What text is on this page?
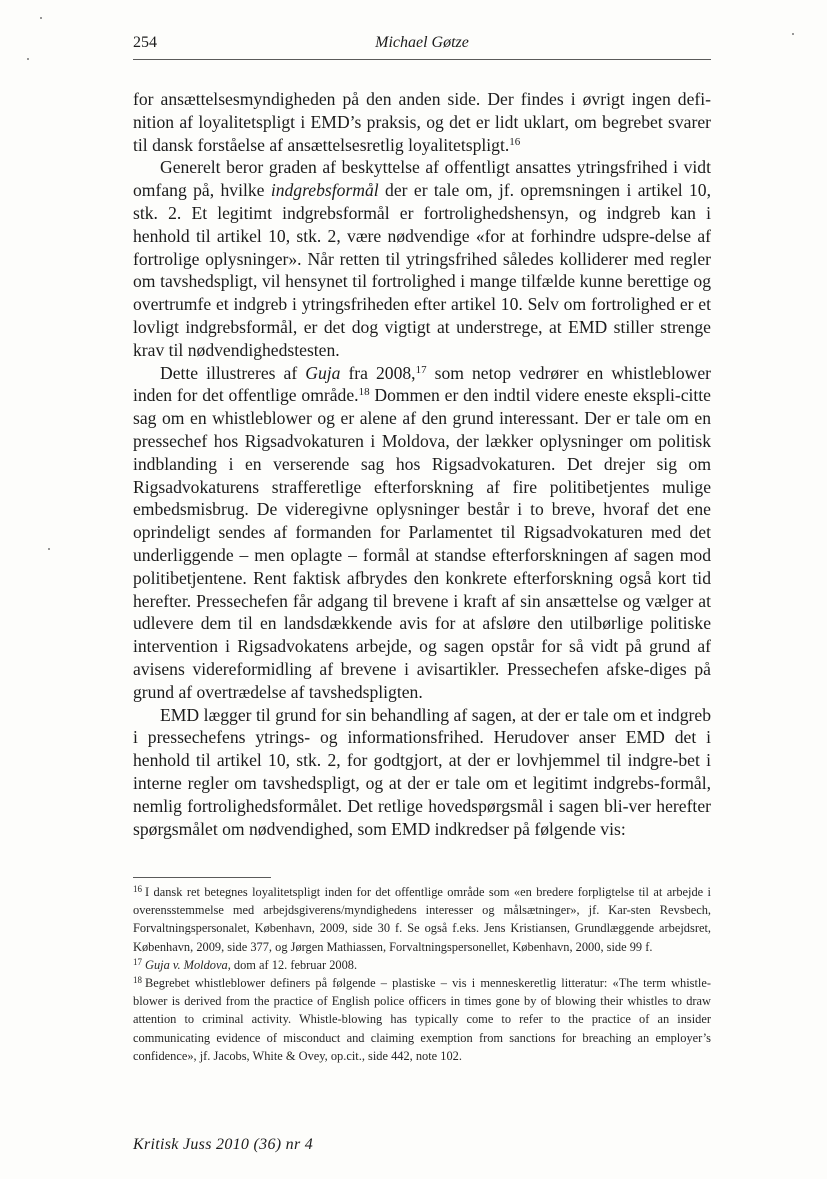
254	Michael Gøtze

for ansættelsesmyndigheden på den anden side. Der findes i øvrigt ingen defi-nition af loyalitetspligt i EMD’s praksis, og det er lidt uklart, om begrebet svarer til dansk forståelse af ansættelsesretlig loyalitetspligt.$^{16}$

Generelt beror graden af beskyttelse af offentligt ansattes ytringsfrihed i vidt omfang på, hvilke indgrebsformål der er tale om, jf. opremsningen i artikel 10, stk. 2. Et legitimt indgrebsformål er fortrolighedshensyn, og indgreb kan i henhold til artikel 10, stk. 2, være nødvendige «for at forhindre udspre-delse af fortrolige oplysninger». Når retten til ytringsfrihed således kolliderer med regler om tavshedspligt, vil hensynet til fortrolighed i mange tilfælde kunne berettige og overtrumfe et indgreb i ytringsfriheden efter artikel 10. Selv om fortrolighed er et lovligt indgrebsformål, er det dog vigtigt at understrege, at EMD stiller strenge krav til nødvendighedstesten.

Dette illustreres af Guja fra 2008,17 som netop vedrører en whistleblower inden for det offentlige område.$^{18}$ Dommen er den indtil videre eneste ekspli-citte sag om en whistleblower og er alene af den grund interessant. Der er tale om en pressechef hos Rigsadvokaturen i Moldova, der lækker oplysninger om politisk indblanding i en verserende sag hos Rigsadvokaturen. Det drejer sig om Rigsadvokaturens strafferetlige efterforskning af fire politibetjentes mulige embedsmisbrug. De videregivne oplysninger består i to breve, hvoraf det ene oprindeligt sendes af formanden for Parlamentet til Rigsadvokaturen med det underliggende – men oplagte – formål at standse efterforskningen af sagen mod politibetjentene. Rent faktisk afbrydes den konkrete efterforskning også kort tid herefter. Pressechefen får adgang til brevene i kraft af sin ansættelse og vælger at udlevere dem til en landsdækkende avis for at afsløre den utilbørlige politiske intervention i Rigsadvokatens arbejde, og sagen opstår for så vidt på grund af avisens videreformidling af brevene i avisartikler. Pressechefen afske-diges på grund af overtrædelse af tavshedspligten.

EMD lægger til grund for sin behandling af sagen, at der er tale om et indgreb i pressechefens ytrings- og informationsfrihed. Herudover anser EMD det i henhold til artikel 10, stk. 2, for godtgjort, at der er lovhjemmel til indgre-bet i interne regler om tavshedspligt, og at der er tale om et legitimt indgrebs-formål, nemlig fortrolighedsformålet. Det retlige hovedspørgsmål i sagen bli-ver herefter spørgsmålet om nødvendighed, som EMD indkredser på følgende vis:

$^{16}$ I dansk ret betegnes loyalitetspligt inden for det offentlige område som «en bredere forpligtelse til at arbejde i overensstemmelse med arbejdsgiverens/myndighedens interesser og målsætninger», jf. Kar-sten Revsbech, Forvaltningspersonalet, København, 2009, side 30 f. Se også f.eks. Jens Kristiansen, Grundlæggende arbejdsret, København, 2009, side 377, og Jørgen Mathiassen, Forvaltningspersonellet, København, 2000, side 99 f.

$^{17}$ Guja v. Moldova, dom af 12. februar 2008.

$^{18}$ Begrebet whistleblower definers på følgende – plastiske – vis i menneskeretlig litteratur: «The term whistle-blower is derived from the practice of English police officers in times gone by of blowing their whistles to draw attention to criminal activity. Whistle-blowing has typically come to refer to the practice of an insider communicating evidence of misconduct and claiming exemption from sanctions for breaching an employer’s confidence», jf. Jacobs, White & Ovey, op.cit., side 442, note 102.

Kritisk Juss 2010 (36) nr 4
